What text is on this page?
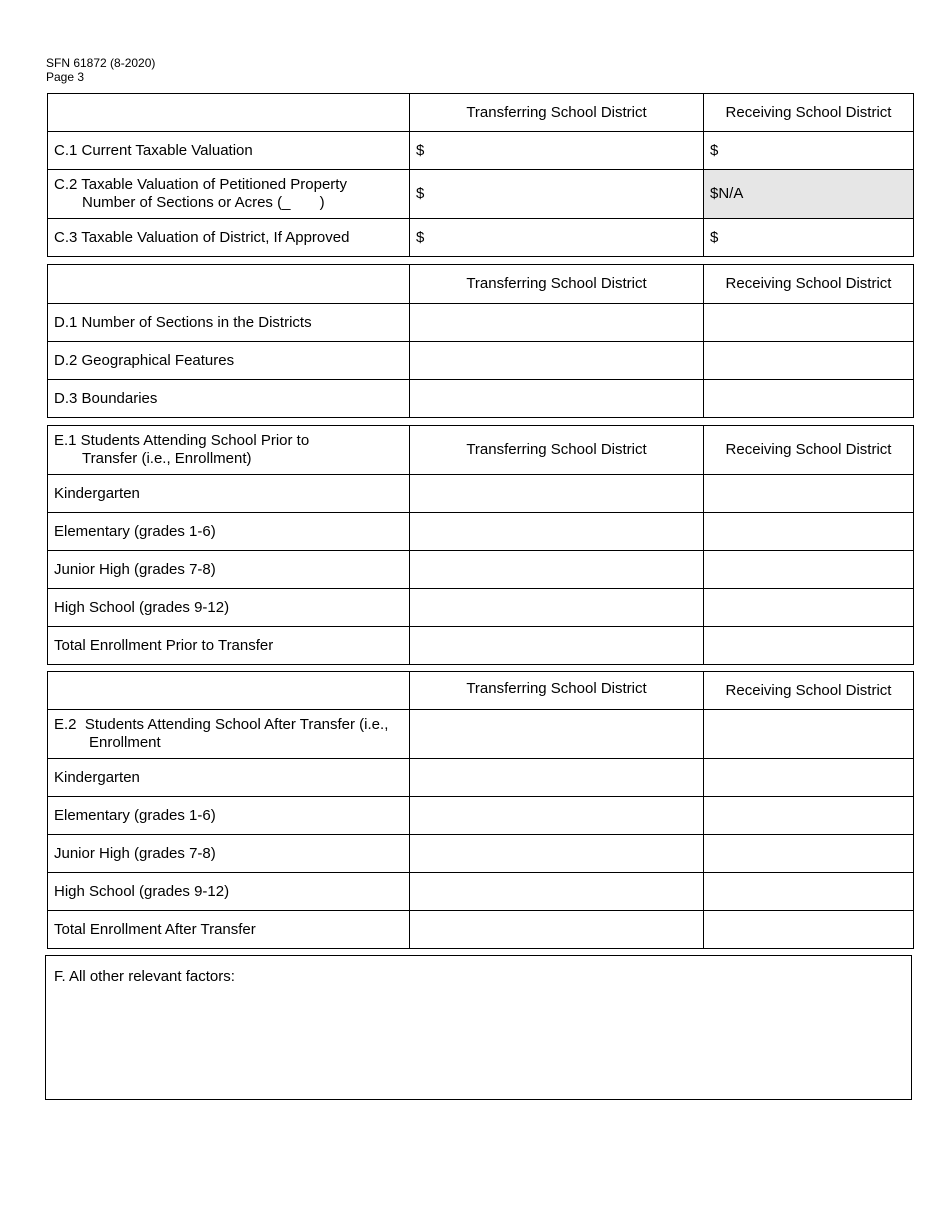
SFN 61872 (8-2020)
Page 3
	Transferring School District	Receiving School District
C.1 Current Taxable Valuation	$	$
C.2 Taxable Valuation of Petitioned Property
Number of Sections or Acres (_       )	$	$N/A
C.3 Taxable Valuation of District, If Approved	$	$
	Transferring School District	Receiving School District
D.1 Number of Sections in the Districts		
D.2 Geographical Features		
D.3 Boundaries		
E.1 Students Attending School Prior to
Transfer (i.e., Enrollment)	Transferring School District	Receiving School District
Kindergarten		
Elementary (grades 1-6)		
Junior High (grades 7-8)		
High School (grades 9-12)		
Total Enrollment Prior to Transfer		
	Transferring School District	Receiving School District
E.2  Students Attending School After Transfer (i.e.,
Enrollment		

Kindergarten		
Elementary (grades 1-6)		
Junior High (grades 7-8)		
High School (grades 9-12)		
Total Enrollment After Transfer		
F. All other relevant factors:
